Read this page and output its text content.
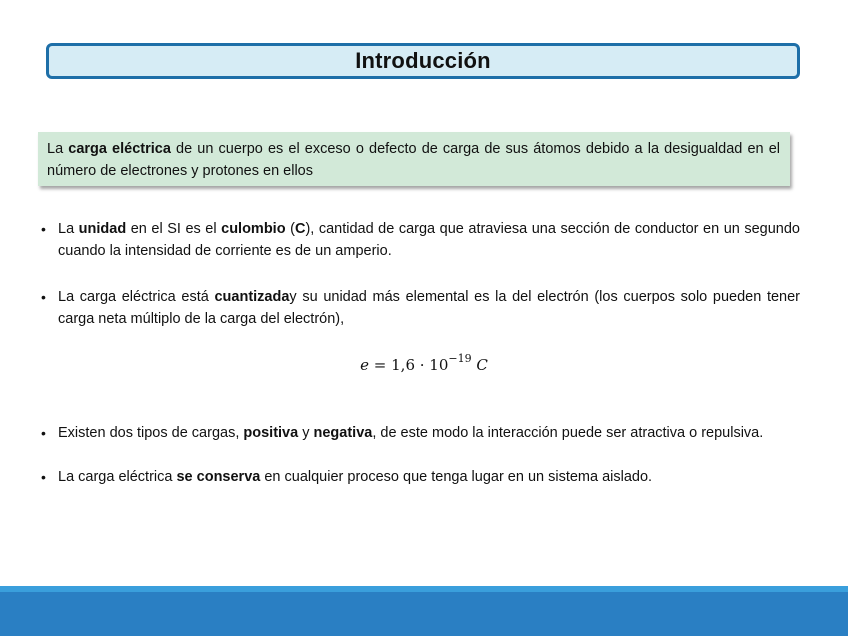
Introducción
La carga eléctrica de un cuerpo es el exceso o defecto de carga de sus átomos debido a la desigualdad en el número de electrones y protones en ellos
• La unidad en el SI es el culombio (C), cantidad de carga que atraviesa una sección de conductor en un segundo cuando la intensidad de corriente es de un amperio.
• La carga eléctrica está cuantizaday su unidad más elemental es la del electrón (los cuerpos solo pueden tener carga neta múltiplo de la carga del electrón),
• Existen dos tipos de cargas, positiva y negativa, de este modo la interacción puede ser atractiva o repulsiva.
• La carga eléctrica se conserva en cualquier proceso que tenga lugar en un sistema aislado.
$e = 1,6 \cdot 10^{-19}$ C
